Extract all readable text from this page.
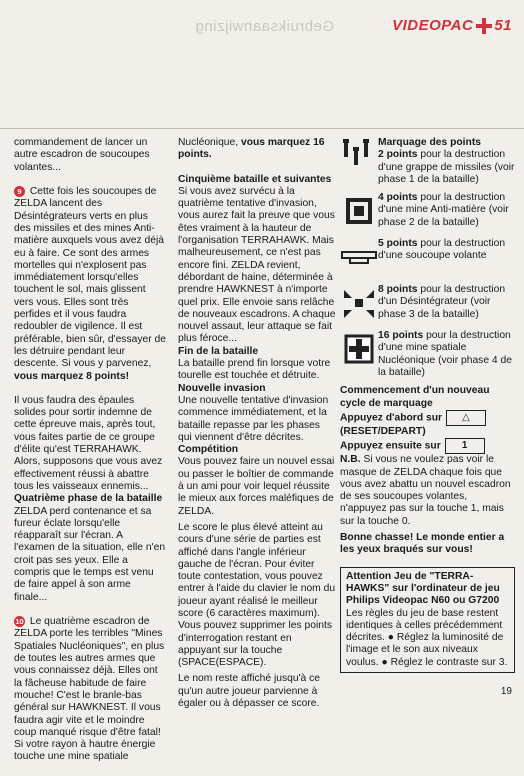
Gebruiksaanwijzing	VIDEOPAC 51

commandement de lancer un autre escadron de soucoupes volantes...

9 Cette fois les soucoupes de ZELDA lancent des Désintégrateurs verts en plus des missiles et des mines Anti-matière auxquels vous avez déjà eu à faire. Ce sont des armes mortelles qui n'explosent pas immédiatement lorsqu'elles touchent le sol, mais glissent vers vous. Elles sont très perfides et il vous faudra redoubler de vigilence. Il est préférable, bien sûr, d'essayer de les détruire pendant leur descente. Si vous y parvenez, vous marquez 8 points!

Il vous faudra des épaules solides pour sortir indemne de cette épreuve mais, après tout, vous faites partie de ce groupe d'élite qu'est TERRAHAWK. Alors, supposons que vous avez effectivement réussi à abattre tous les vaisseaux ennemis...

Quatrième phase de la bataille

ZELDA perd contenance et sa fureur éclate lorsqu'elle réapparaît sur l'écran. A l'examen de la situation, elle n'en croit pas ses yeux. Elle a compris que le temps est venu de faire appel à son arme finale...

10 Le quatrième escadron de ZELDA porte les terribles "Mines Spatiales Nucléoniques", en plus de toutes les autres armes que vous connaissez déjà. Elles ont la fâcheuse habitude de faire mouche! C'est le branle-bas général sur HAWKNEST. Il vous faudra agir vite et le moindre coup manqué risque d'être fatal! Si votre rayon à hautre énergie touche une mine spatiale

Nucléonique, vous marquez 16 points.

Cinquième bataille et suivantes

Si vous avez survécu à la quatrième tentative d'invasion, vous aurez fait la preuve que vous êtes vraiment à la hauteur de l'organisation TERRAHAWK. Mais malheureusement, ce n'est pas encore fini. ZELDA revient, débordant de haine, déterminée à prendre HAWKNEST à n'importe quel prix. Elle envoie sans relâche de nouveaux escadrons. A chaque nouvel assaut, leur attaque se fait plus féroce...

Fin de la bataille

La bataille prend fin lorsque votre tourelle est touchée et détruite.

Nouvelle invasion

Une nouvelle tentative d'invasion commence immédiatement, et la bataille repasse par les phases qui viennent d'être décrites.

Compétition

Vous pouvez faire un nouvel essai ou passer le boîtier de commande à un ami pour voir lequel réussite le mieux aux forces maléfiques de ZELDA.

Le score le plus élevé atteint au cours d'une série de parties est affiché dans l'angle inférieur gauche de l'écran. Pour éviter toute contestation, vous pouvez entrer à l'aide du clavier le nom du joueur ayant réalisé le meilleur score (6 caractères maximum). Vous pouvez supprimer les points d'interrogation restant en appuyant sur la touche (SPACE(ESPACE).

Le nom reste affiché jusqu'à ce qu'un autre joueur parvienne à égaler ou à dépasser ce score.

Marquage des points
2 points pour la destruction d'une grappe de missiles (voir phase 1 de la bataille)
4 points pour la destruction d'une mine Anti-matière (voir phase 2 de la bataille)
5 points pour la destruction d'une soucoupe volante
8 points pour la destruction d'un Désintégrateur (voir phase 3 de la bataille)
16 points pour la destruction d'une mine spatiale Nucléonique (voir phase 4 de la bataille)
Commencement d'un nouveau cycle de marquage
Appuyez d'abord sur △
(RESET/DEPART)
Appuyez ensuite sur 1
N.B. Si vous ne voulez pas voir le masque de ZELDA chaque fois que vous avez abattu un nouvel escadron de ses soucoupes volantes, n'appuyez pas sur la touche 1, mais sur la touche 0.
Bonne chasse! Le monde entier a les yeux braqués sur vous!
Attention Jeu de "TERRA-HAWKS" sur l'ordinateur de jeu Philips Videopac N60 ou G7200
Les règles du jeu de base restent identiques à celles précédemment décrites. ● Réglez la luminosité de l'image et le son aux niveaux voulus. ● Réglez le contraste sur 3.
19
